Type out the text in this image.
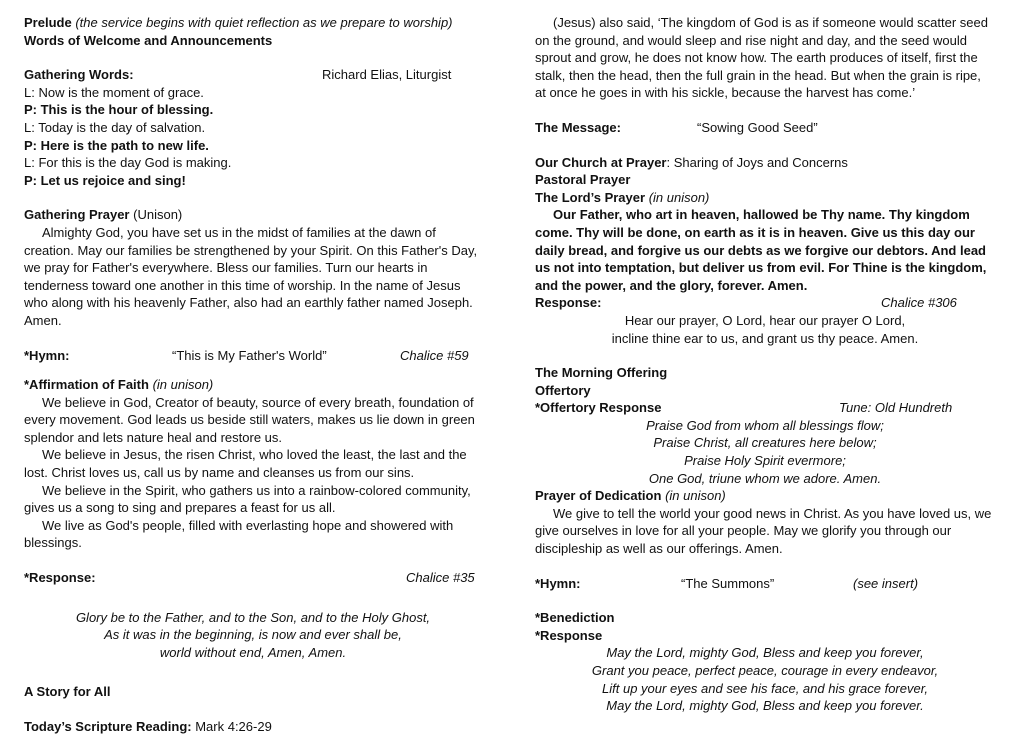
Prelude (the service begins with quiet reflection as we prepare to worship)

Words of Welcome and Announcements

Gathering Words:	Richard Elias, Liturgist

L: Now is the moment of grace.

P: This is the hour of blessing.

L: Today is the day of salvation.

P: Here is the path to new life.

L: For this is the day God is making.

P: Let us rejoice and sing!

Gathering Prayer (Unison)

Almighty God, you have set us in the midst of families at the dawn of creation. May our families be strengthened by your Spirit. On this Father's Day, we pray for Father's everywhere. Bless our families. Turn our hearts in tenderness toward one another in this time of worship. In the name of Jesus who along with his heavenly Father, also had an earthly father named Joseph. Amen.

*Hymn:	“This is My Father's World”	Chalice #59

*Affirmation of Faith (in unison)

We believe in God, Creator of beauty, source of every breath, foundation of every movement. God leads us beside still waters, makes us lie down in green splendor and lets nature heal and restore us.

We believe in Jesus, the risen Christ, who loved the least, the last and the lost. Christ loves us, call us by name and cleanses us from our sins.

We believe in the Spirit, who gathers us into a rainbow-colored community, gives us a song to sing and prepares a feast for us all.

We live as God's people, filled with everlasting hope and showered with blessings.

*Response:	Chalice #35

Glory be to the Father, and to the Son, and to the Holy Ghost,

As it was in the beginning, is now and ever shall be,

world without end, Amen, Amen.

A Story for All

Today’s Scripture Reading: Mark 4:26-29

(Jesus) also said, ‘The kingdom of God is as if someone would scatter seed on the ground, and would sleep and rise night and day, and the seed would sprout and grow, he does not know how. The earth produces of itself, first the stalk, then the head, then the full grain in the head. But when the grain is ripe, at once he goes in with his sickle, because the harvest has come.’

The Message:	“Sowing Good Seed”

Our Church at Prayer: Sharing of Joys and Concerns

Pastoral Prayer

The Lord’s Prayer (in unison)

Our Father, who art in heaven, hallowed be Thy name. Thy kingdom come. Thy will be done, on earth as it is in heaven. Give us this day our daily bread, and forgive us our debts as we forgive our debtors. And lead us not into temptation, but deliver us from evil. For Thine is the kingdom, and the power, and the glory, forever. Amen.

Response:	Chalice #306

Hear our prayer, O Lord, hear our prayer O Lord,

incline thine ear to us, and grant us thy peace. Amen.

The Morning Offering

Offertory

*Offertory Response	Tune: Old Hundreth

Praise God from whom all blessings flow;

Praise Christ, all creatures here below;

Praise Holy Spirit evermore;

One God, triune whom we adore. Amen.

Prayer of Dedication (in unison)

We give to tell the world your good news in Christ. As you have loved us, we give ourselves in love for all your people. May we glorify you through our discipleship as well as our offerings. Amen.

*Hymn:	“The Summons”	(see insert)

*Benediction

*Response

May the Lord, mighty God, Bless and keep you forever,

Grant you peace, perfect peace, courage in every endeavor,

Lift up your eyes and see his face, and his grace forever,

May the Lord, mighty God, Bless and keep you forever.
